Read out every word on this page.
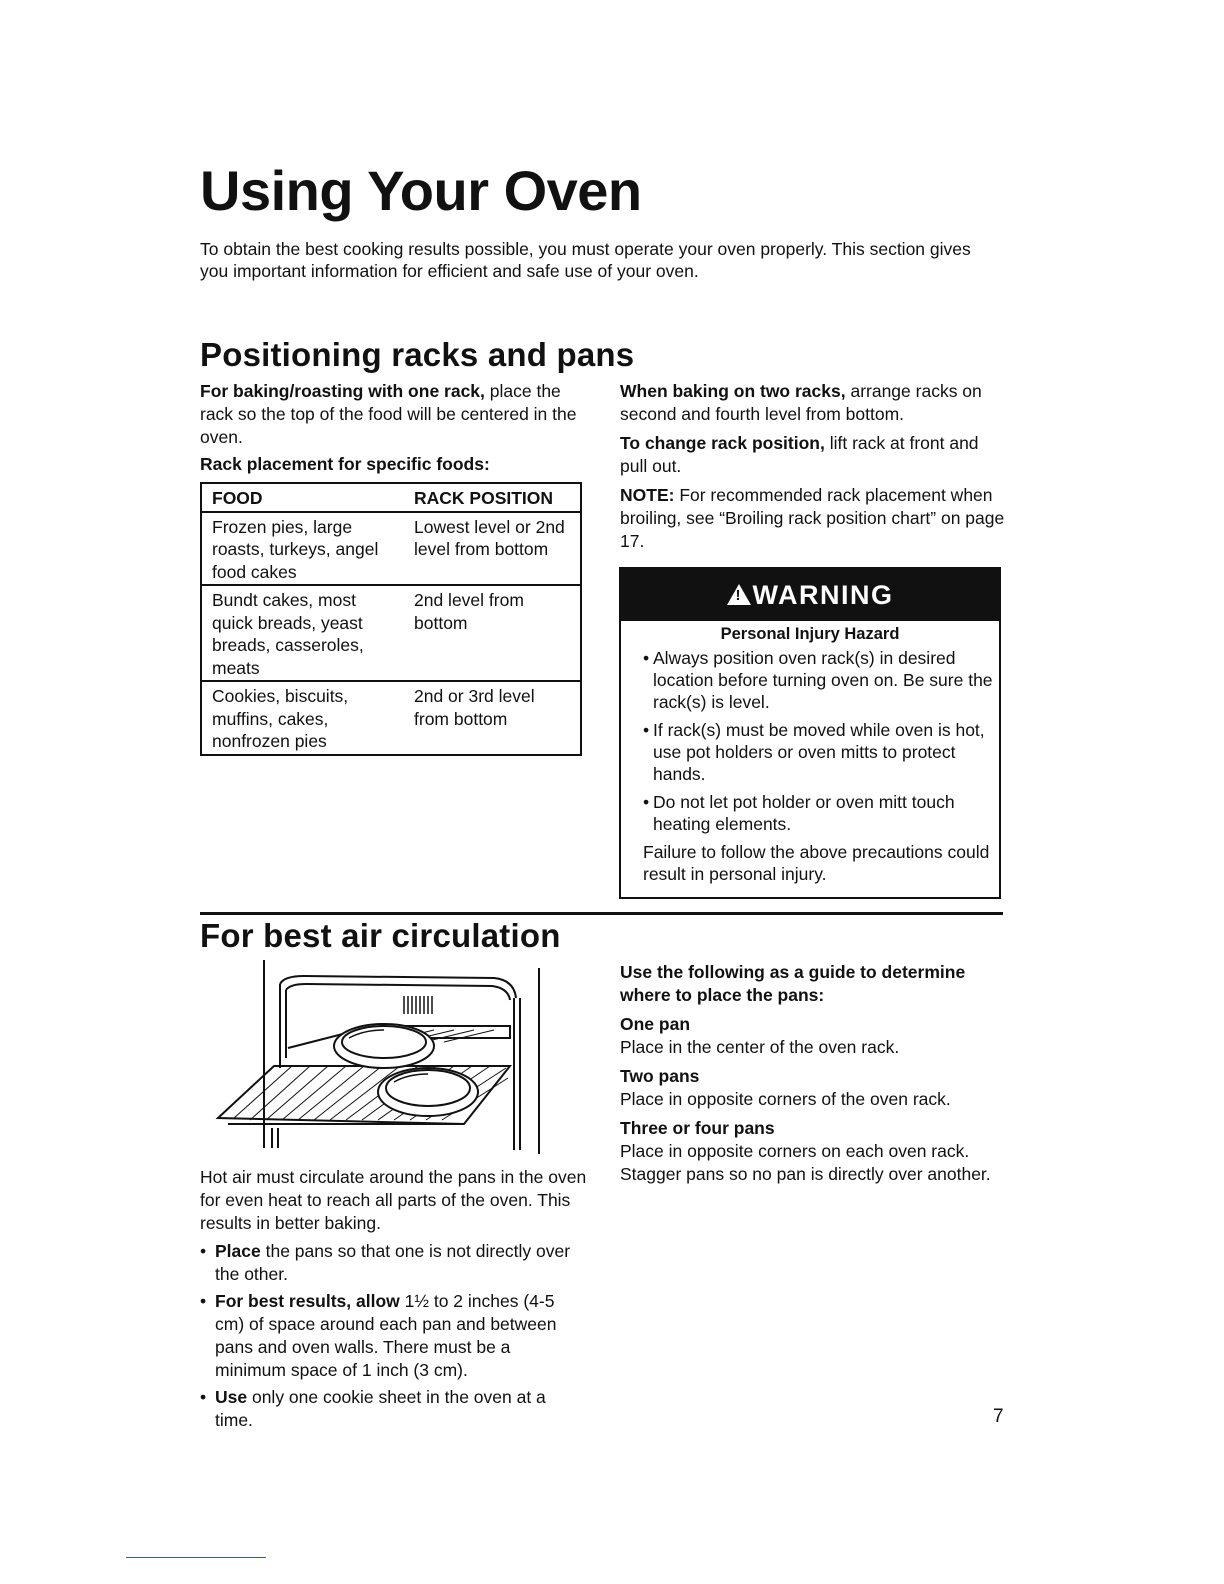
Using Your Oven

To obtain the best cooking results possible, you must operate your oven properly. This section gives you important information for efficient and safe use of your oven.

Positioning racks and pans
For baking/roasting with one rack, place the rack so the top of the food will be centered in the oven.
Rack placement for specific foods:
FOOD	RACK POSITION
Frozen pies, large roasts, turkeys, angel food cakes	Lowest level or 2nd level from bottom
Bundt cakes, most quick breads, yeast breads, casseroles, meats	2nd level from bottom
Cookies, biscuits, muffins, cakes, nonfrozen pies	2nd or 3rd level from bottom

When baking on two racks, arrange racks on second and fourth level from bottom.

To change rack position, lift rack at front and pull out.

NOTE: For recommended rack placement when broiling, see “Broiling rack position chart” on page 17.

! WARNING
Personal Injury Hazard
• Always position oven rack(s) in desired location before turning oven on. Be sure the rack(s) is level.
• If rack(s) must be moved while oven is hot, use pot holders or oven mitts to protect hands.
• Do not let pot holder or oven mitt touch heating elements.

Failure to follow the above precautions could result in personal injury.

For best air circulation

Hot air must circulate around the pans in the oven for even heat to reach all parts of the oven. This results in better baking.

• Place the pans so that one is not directly over the other.
• For best results, allow 1½ to 2 inches (4-5 cm) of space around each pan and between pans and oven walls. There must be a minimum space of 1 inch (3 cm).
• Use only one cookie sheet in the oven at a time.
Use the following as a guide to determine where to place the pans:
One pan

Place in the center of the oven rack.

Two pans

Place in opposite corners of the oven rack.

Three or four pans

Place in opposite corners on each oven rack. Stagger pans so no pan is directly over another.

7
